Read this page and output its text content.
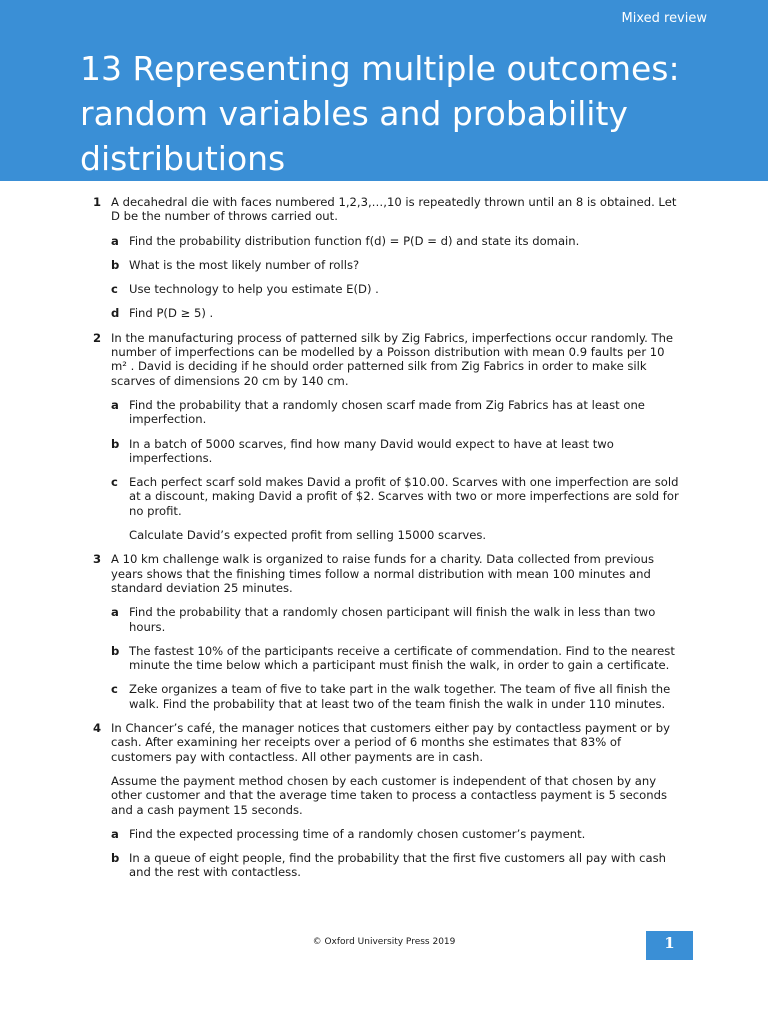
Mixed review
13 Representing multiple outcomes: random variables and probability distributions
1 A decahedral die with faces numbered 1,2,3,…,10 is repeatedly thrown until an 8 is obtained. Let D be the number of throws carried out.

a Find the probability distribution function f(d) = P(D = d) and state its domain.

b What is the most likely number of rolls?

c Use technology to help you estimate E(D) .

d Find P(D ≥ 5) .

2 In the manufacturing process of patterned silk by Zig Fabrics, imperfections occur randomly. The number of imperfections can be modelled by a Poisson distribution with mean 0.9 faults per 10 m² . David is deciding if he should order patterned silk from Zig Fabrics in order to make silk scarves of dimensions 20 cm by 140 cm.

a Find the probability that a randomly chosen scarf made from Zig Fabrics has at least one imperfection.

b In a batch of 5000 scarves, find how many David would expect to have at least two imperfections.

c Each perfect scarf sold makes David a profit of $10.00. Scarves with one imperfection are sold at a discount, making David a profit of $2. Scarves with two or more imperfections are sold for no profit.

Calculate David’s expected profit from selling 15000 scarves.

3 A 10 km challenge walk is organized to raise funds for a charity. Data collected from previous years shows that the finishing times follow a normal distribution with mean 100 minutes and standard deviation 25 minutes.

a Find the probability that a randomly chosen participant will finish the walk in less than two hours.

b The fastest 10% of the participants receive a certificate of commendation. Find to the nearest minute the time below which a participant must finish the walk, in order to gain a certificate.

c Zeke organizes a team of five to take part in the walk together. The team of five all finish the walk. Find the probability that at least two of the team finish the walk in under 110 minutes.

4 In Chancer’s café, the manager notices that customers either pay by contactless payment or by cash. After examining her receipts over a period of 6 months she estimates that 83% of customers pay with contactless. All other payments are in cash.

Assume the payment method chosen by each customer is independent of that chosen by any other customer and that the average time taken to process a contactless payment is 5 seconds and a cash payment 15 seconds.

a Find the expected processing time of a randomly chosen customer’s payment.

b In a queue of eight people, find the probability that the first five customers all pay with cash and the rest with contactless.

© Oxford University Press 2019	1
